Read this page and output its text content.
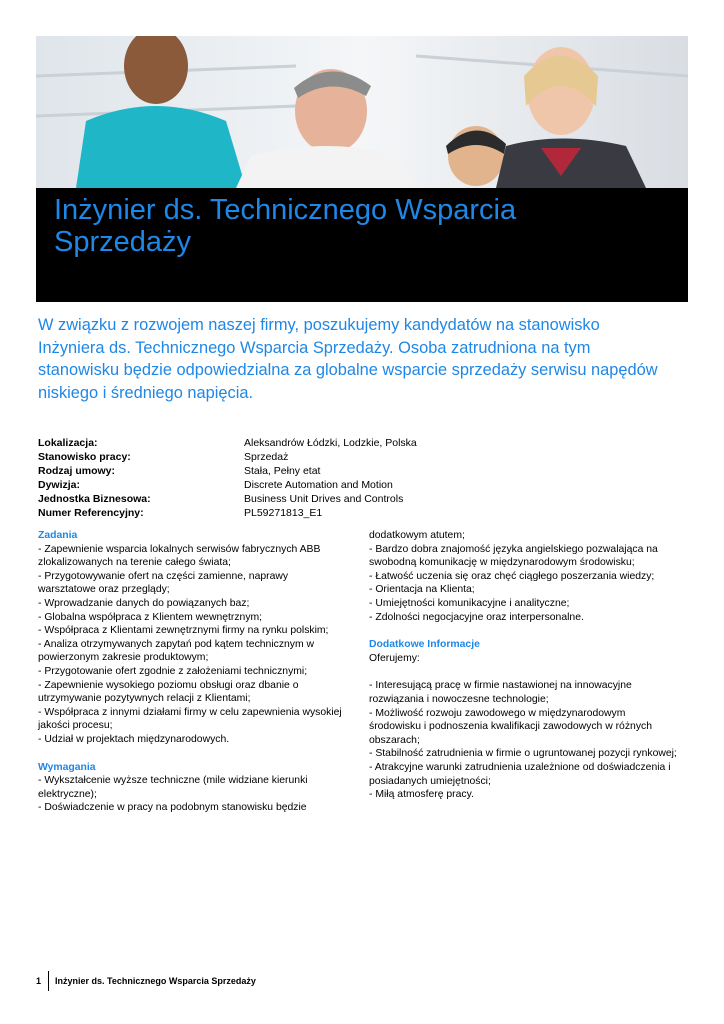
Inżynier ds. Technicznego Wsparcia Sprzedaży
W związku z rozwojem naszej firmy, poszukujemy kandydatów na stanowisko Inżyniera ds. Technicznego Wsparcia Sprzedaży. Osoba zatrudniona na tym stanowisku będzie odpowiedzialna za globalne wsparcie sprzedaży serwisu napędów niskiego i średniego napięcia.
Lokalizacja:	Aleksandrów Łódzki, Lodzkie, Polska
Stanowisko pracy:	Sprzedaż
Rodzaj umowy:	Stała, Pełny etat
Dywizja:	Discrete Automation and Motion
Jednostka Biznesowa:	Business Unit Drives and Controls
Numer Referencyjny:	PL59271813_E1
Zadania

- Zapewnienie wsparcia lokalnych serwisów fabrycznych ABB zlokalizowanych na terenie całego świata;

- Przygotowywanie ofert na części zamienne, naprawy warsztatowe oraz przeglądy;

- Wprowadzanie danych do powiązanych baz;

- Globalna współpraca z Klientem wewnętrznym;

- Współpraca z Klientami zewnętrznymi firmy na rynku polskim;

- Analiza otrzymywanych zapytań pod kątem technicznym w powierzonym zakresie produktowym;

- Przygotowanie ofert zgodnie z założeniami technicznymi;

- Zapewnienie wysokiego poziomu obsługi oraz dbanie o utrzymywanie pozytywnych relacji z Klientami;

- Współpraca z innymi działami firmy w celu zapewnienia wysokiej jakości procesu;

- Udział w projektach międzynarodowych.

Wymagania

- Wykształcenie wyższe techniczne (mile widziane kierunki elektryczne);

- Doświadczenie w pracy na podobnym stanowisku będzie

dodatkowym atutem;

- Bardzo dobra znajomość języka angielskiego pozwalająca na swobodną komunikację w międzynarodowym środowisku;

- Łatwość uczenia się oraz chęć ciągłego poszerzania wiedzy;

- Orientacja na Klienta;

- Umiejętności komunikacyjne i analityczne;

- Zdolności negocjacyjne oraz interpersonalne.

Dodatkowe Informacje

Oferujemy:

- Interesującą pracę w firmie nastawionej na innowacyjne rozwiązania i nowoczesne technologie;

- Możliwość rozwoju zawodowego w międzynarodowym środowisku i podnoszenia kwalifikacji zawodowych w różnych obszarach;

- Stabilność zatrudnienia w firmie o ugruntowanej pozycji rynkowej;

- Atrakcyjne warunki zatrudnienia uzależnione od doświadczenia i posiadanych umiejętności;

- Miłą atmosferę pracy.

1	Inżynier ds. Technicznego Wsparcia Sprzedaży
